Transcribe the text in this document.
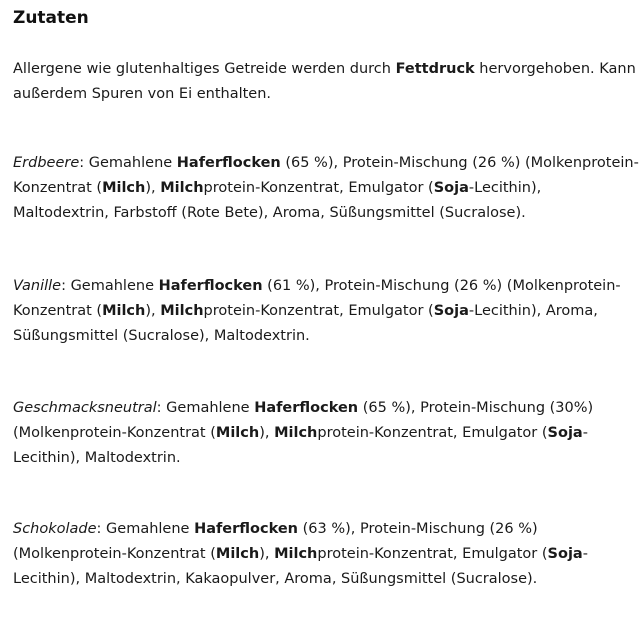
Zutaten

Allergene wie glutenhaltiges Getreide werden durch Fettdruck hervorgehoben. Kann außerdem Spuren von Ei enthalten.

Erdbeere: Gemahlene Haferflocken (65 %), Protein-Mischung (26 %) (Molkenprotein-Konzentrat (Milch), Milchprotein-Konzentrat, Emulgator (Soja-Lecithin), Maltodextrin, Farbstoff (Rote Bete), Aroma, Süßungsmittel (Sucralose).

Vanille: Gemahlene Haferflocken (61 %), Protein-Mischung (26 %) (Molkenprotein-Konzentrat (Milch), Milchprotein-Konzentrat, Emulgator (Soja-Lecithin), Aroma, Süßungsmittel (Sucralose), Maltodextrin.

Geschmacksneutral: Gemahlene Haferflocken (65 %), Protein-Mischung (30%) (Molkenprotein-Konzentrat (Milch), Milchprotein-Konzentrat, Emulgator (Soja-Lecithin), Maltodextrin.

Schokolade: Gemahlene Haferflocken (63 %), Protein-Mischung (26 %) (Molkenprotein-Konzentrat (Milch), Milchprotein-Konzentrat, Emulgator (Soja-Lecithin), Maltodextrin, Kakaopulver, Aroma, Süßungsmittel (Sucralose).
